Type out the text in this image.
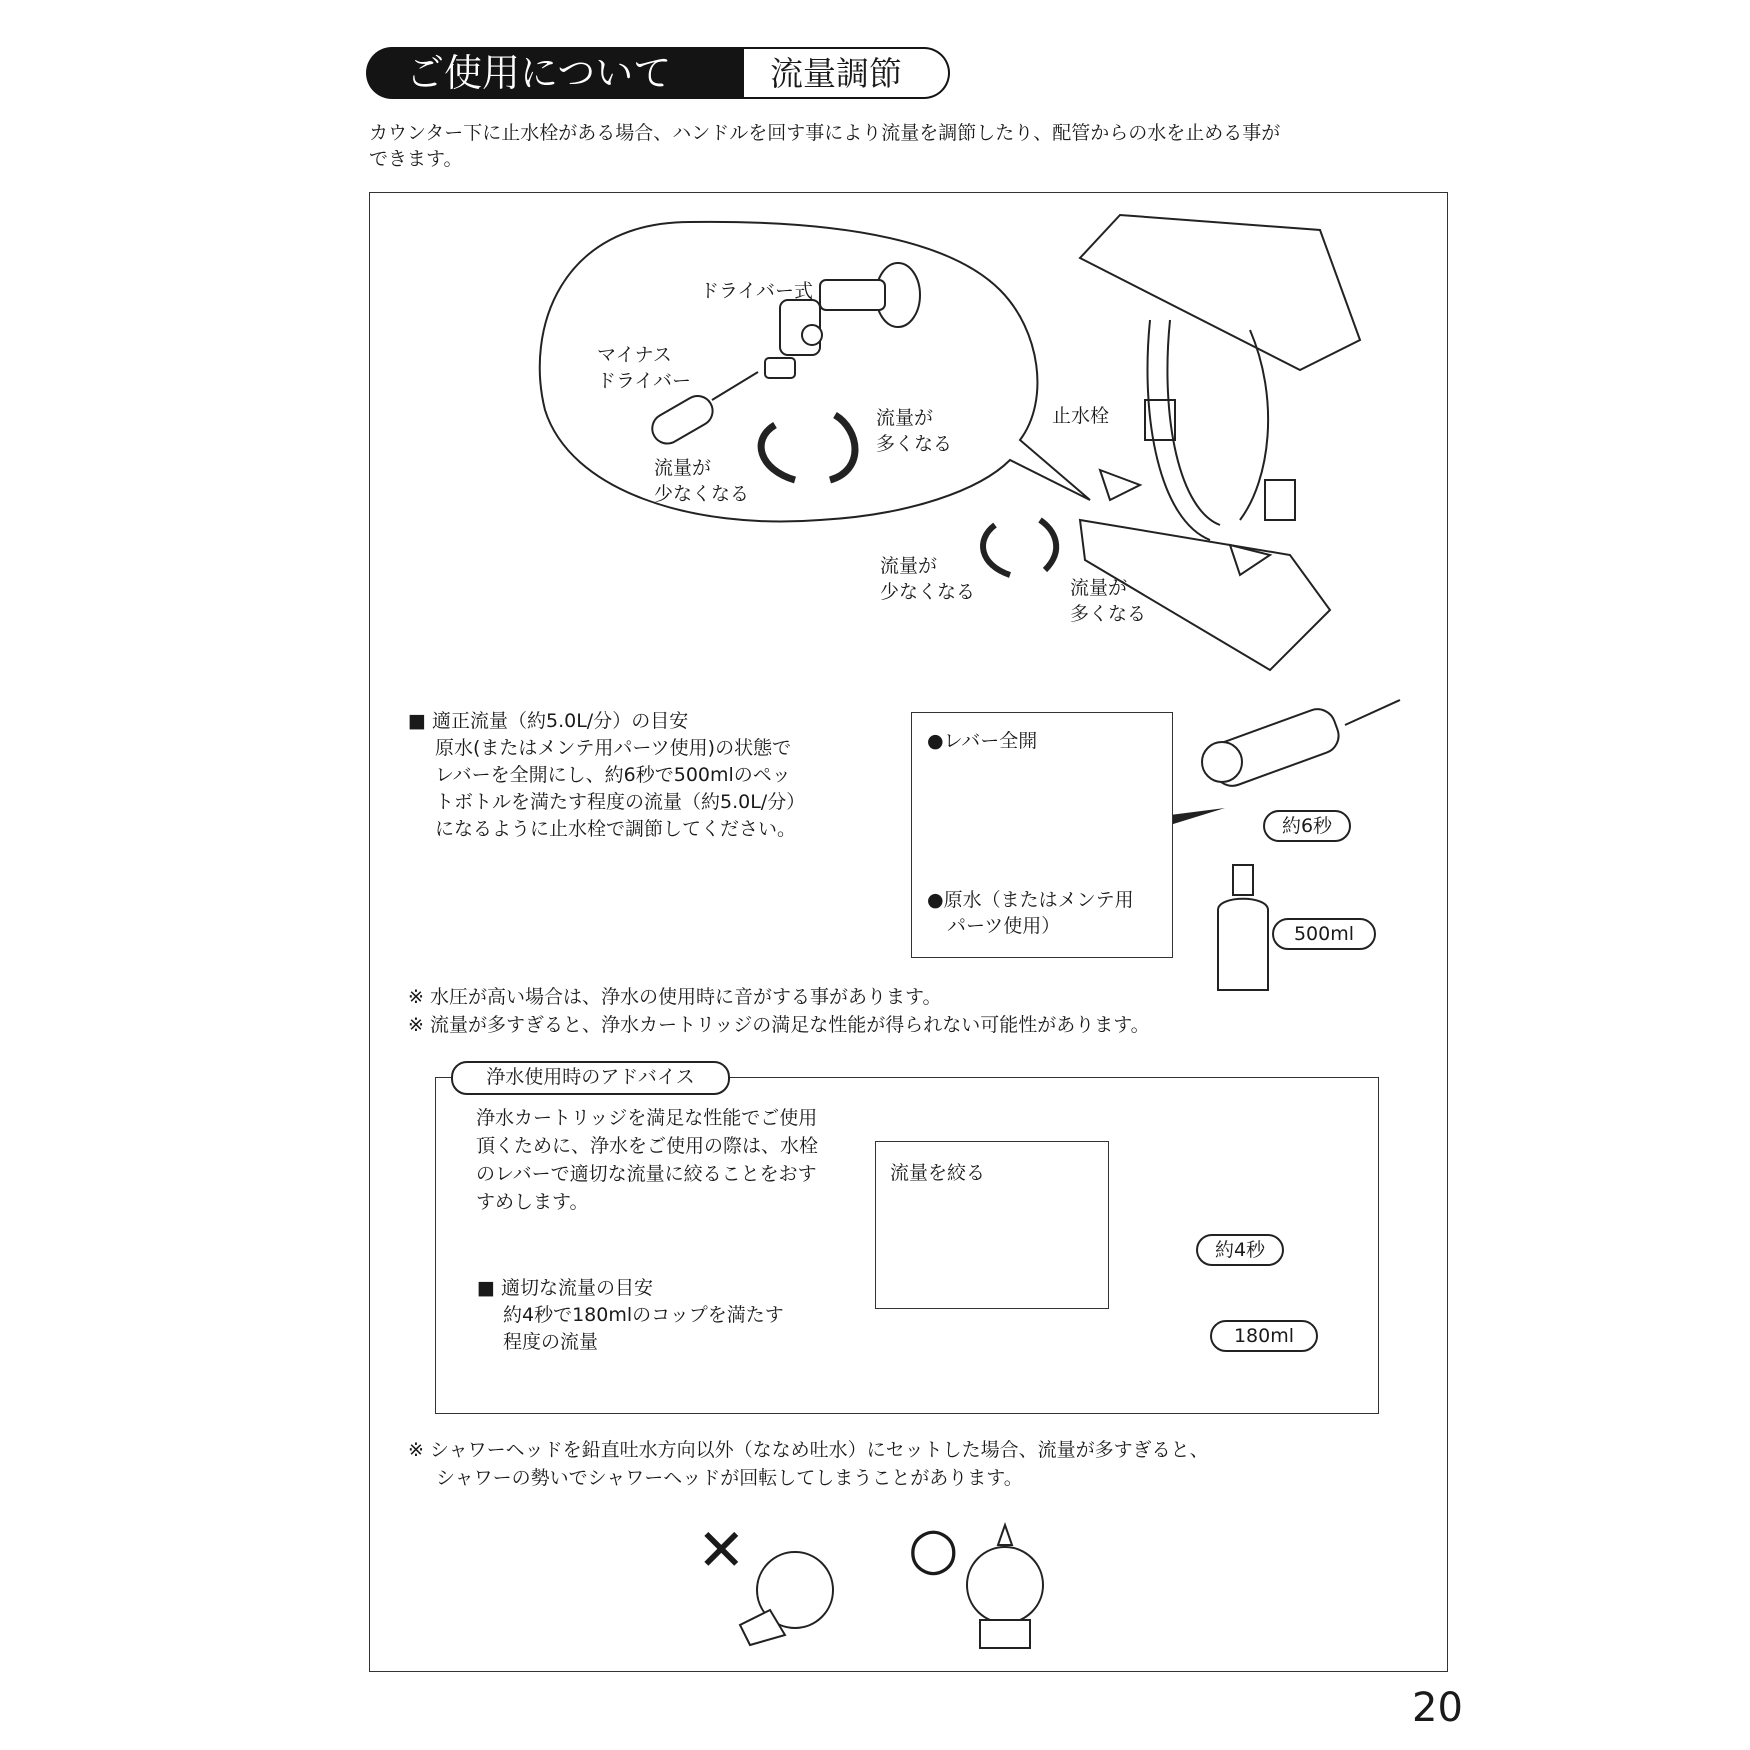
ご使用について	流量調節
カウンター下に止水栓がある場合、ハンドルを回す事により流量を調節したり、配管からの水を止める事が
できます。
ドライバー式
マイナス
ドライバー
流量が
多くなる
流量が
少なくなる
止水栓
流量が
少なくなる	流量が
多くなる
■ 適正流量（約5.0L/分）の目安
原水(またはメンテ用パーツ使用)の状態で
レバーを全開にし、約6秒で500mlのペッ
トボトルを満たす程度の流量（約5.0L/分）
になるように止水栓で調節してください。
●レバー全開
●原水（またはメンテ用
パーツ使用）
約6秒
500ml
※ 水圧が高い場合は、浄水の使用時に音がする事があります。
※ 流量が多すぎると、浄水カートリッジの満足な性能が得られない可能性があります。
浄水使用時のアドバイス
浄水カートリッジを満足な性能でご使用
頂くために、浄水をご使用の際は、水栓
のレバーで適切な流量に絞ることをおす
すめします。
■ 適切な流量の目安
約4秒で180mlのコップを満たす
程度の流量
流量を絞る
約4秒
180ml
※ シャワーヘッドを鉛直吐水方向以外（ななめ吐水）にセットした場合、流量が多すぎると、
シャワーの勢いでシャワーヘッドが回転してしまうことがあります。
✕	○
20
